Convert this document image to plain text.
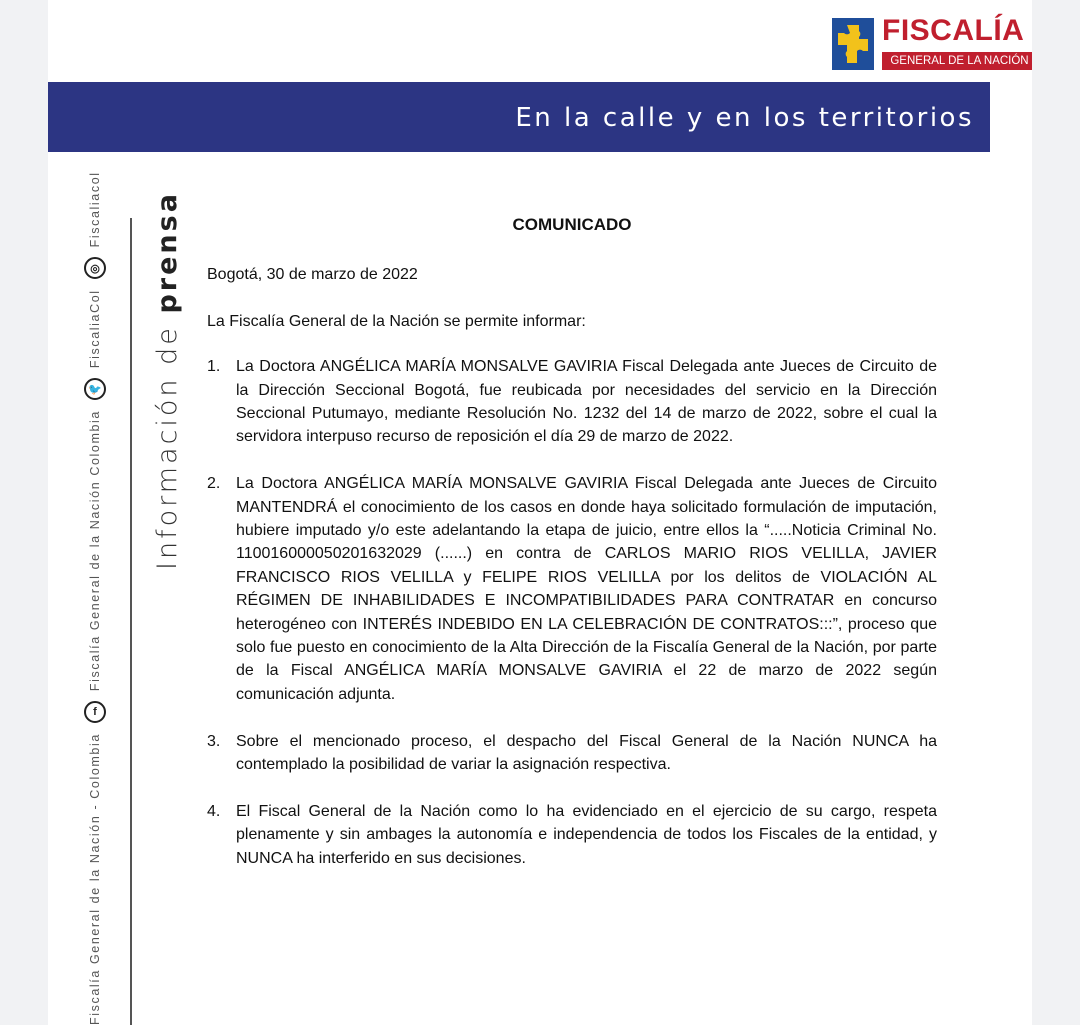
FISCALÍA
GENERAL DE LA NACIÓN
En la calle y en los territorios
Fiscalía General de la Nación - Colombia
f
Fiscalía General de la Nación Colombia
🐦
FiscaliaCol
◎
Fiscaliacol
Información de prensa	COMUNICADO

Bogotá, 30 de marzo de 2022

La Fiscalía General de la Nación se permite informar:

1. La Doctora ANGÉLICA MARÍA MONSALVE GAVIRIA Fiscal Delegada ante Jueces de Circuito de la Dirección Seccional Bogotá, fue reubicada por necesidades del servicio en la Dirección Seccional Putumayo, mediante Resolución No. 1232 del 14 de marzo de 2022, sobre el cual la servidora interpuso recurso de reposición el día 29 de marzo de 2022.
2. La Doctora ANGÉLICA MARÍA MONSALVE GAVIRIA Fiscal Delegada ante Jueces de Circuito MANTENDRÁ el conocimiento de los casos en donde haya solicitado formulación de imputación, hubiere imputado y/o este adelantando la etapa de juicio, entre ellos la “.....Noticia Criminal No. 110016000050201632029 (......) en contra de CARLOS MARIO RIOS VELILLA, JAVIER FRANCISCO RIOS VELILLA y FELIPE RIOS VELILLA por los delitos de VIOLACIÓN AL RÉGIMEN DE INHABILIDADES E INCOMPATIBILIDADES PARA CONTRATAR en concurso heterogéneo con INTERÉS INDEBIDO EN LA CELEBRACIÓN DE CONTRATOS:::”, proceso que solo fue puesto en conocimiento de la Alta Dirección de la Fiscalía General de la Nación, por parte de la Fiscal ANGÉLICA MARÍA MONSALVE GAVIRIA el 22 de marzo de 2022 según comunicación adjunta.
3. Sobre el mencionado proceso, el despacho del Fiscal General de la Nación NUNCA ha contemplado la posibilidad de variar la asignación respectiva.
4. El Fiscal General de la Nación como lo ha evidenciado en el ejercicio de su cargo, respeta plenamente y sin ambages la autonomía e independencia de todos los Fiscales de la entidad, y NUNCA ha interferido en sus decisiones.
